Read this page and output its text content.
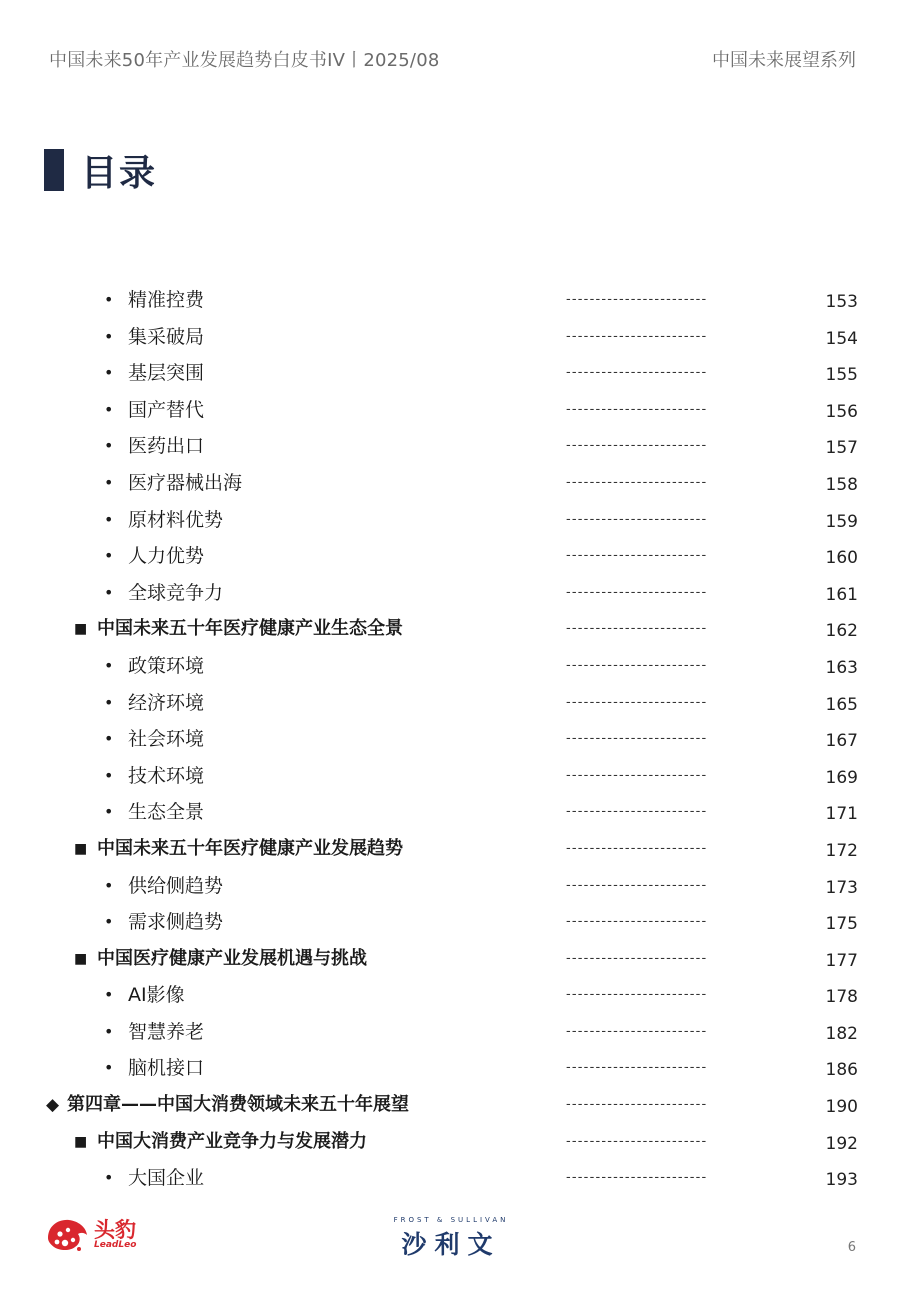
中国未来50年产业发展趋势白皮书IV丨2025/08	中国未来展望系列
目录
• 精准控费	------------------------	153
• 集采破局	------------------------	154
• 基层突围	------------------------	155
• 国产替代	------------------------	156
• 医药出口	------------------------	157
• 医疗器械出海	------------------------	158
• 原材料优势	------------------------	159
• 人力优势	------------------------	160
• 全球竞争力	------------------------	161
■ 中国未来五十年医疗健康产业生态全景	------------------------	162
• 政策环境	------------------------	163
• 经济环境	------------------------	165
• 社会环境	------------------------	167
• 技术环境	------------------------	169
• 生态全景	------------------------	171
■ 中国未来五十年医疗健康产业发展趋势	------------------------	172
• 供给侧趋势	------------------------	173
• 需求侧趋势	------------------------	175
■ 中国医疗健康产业发展机遇与挑战	------------------------	177
• AI影像	------------------------	178
• 智慧养老	------------------------	182
• 脑机接口	------------------------	186
◆ 第四章——中国大消费领域未来五十年展望	------------------------	190
■ 中国大消费产业竞争力与发展潜力	------------------------	192
• 大国企业	------------------------	193
头豹
LeadLeo
FROST & SULLIVAN
沙利文	6
